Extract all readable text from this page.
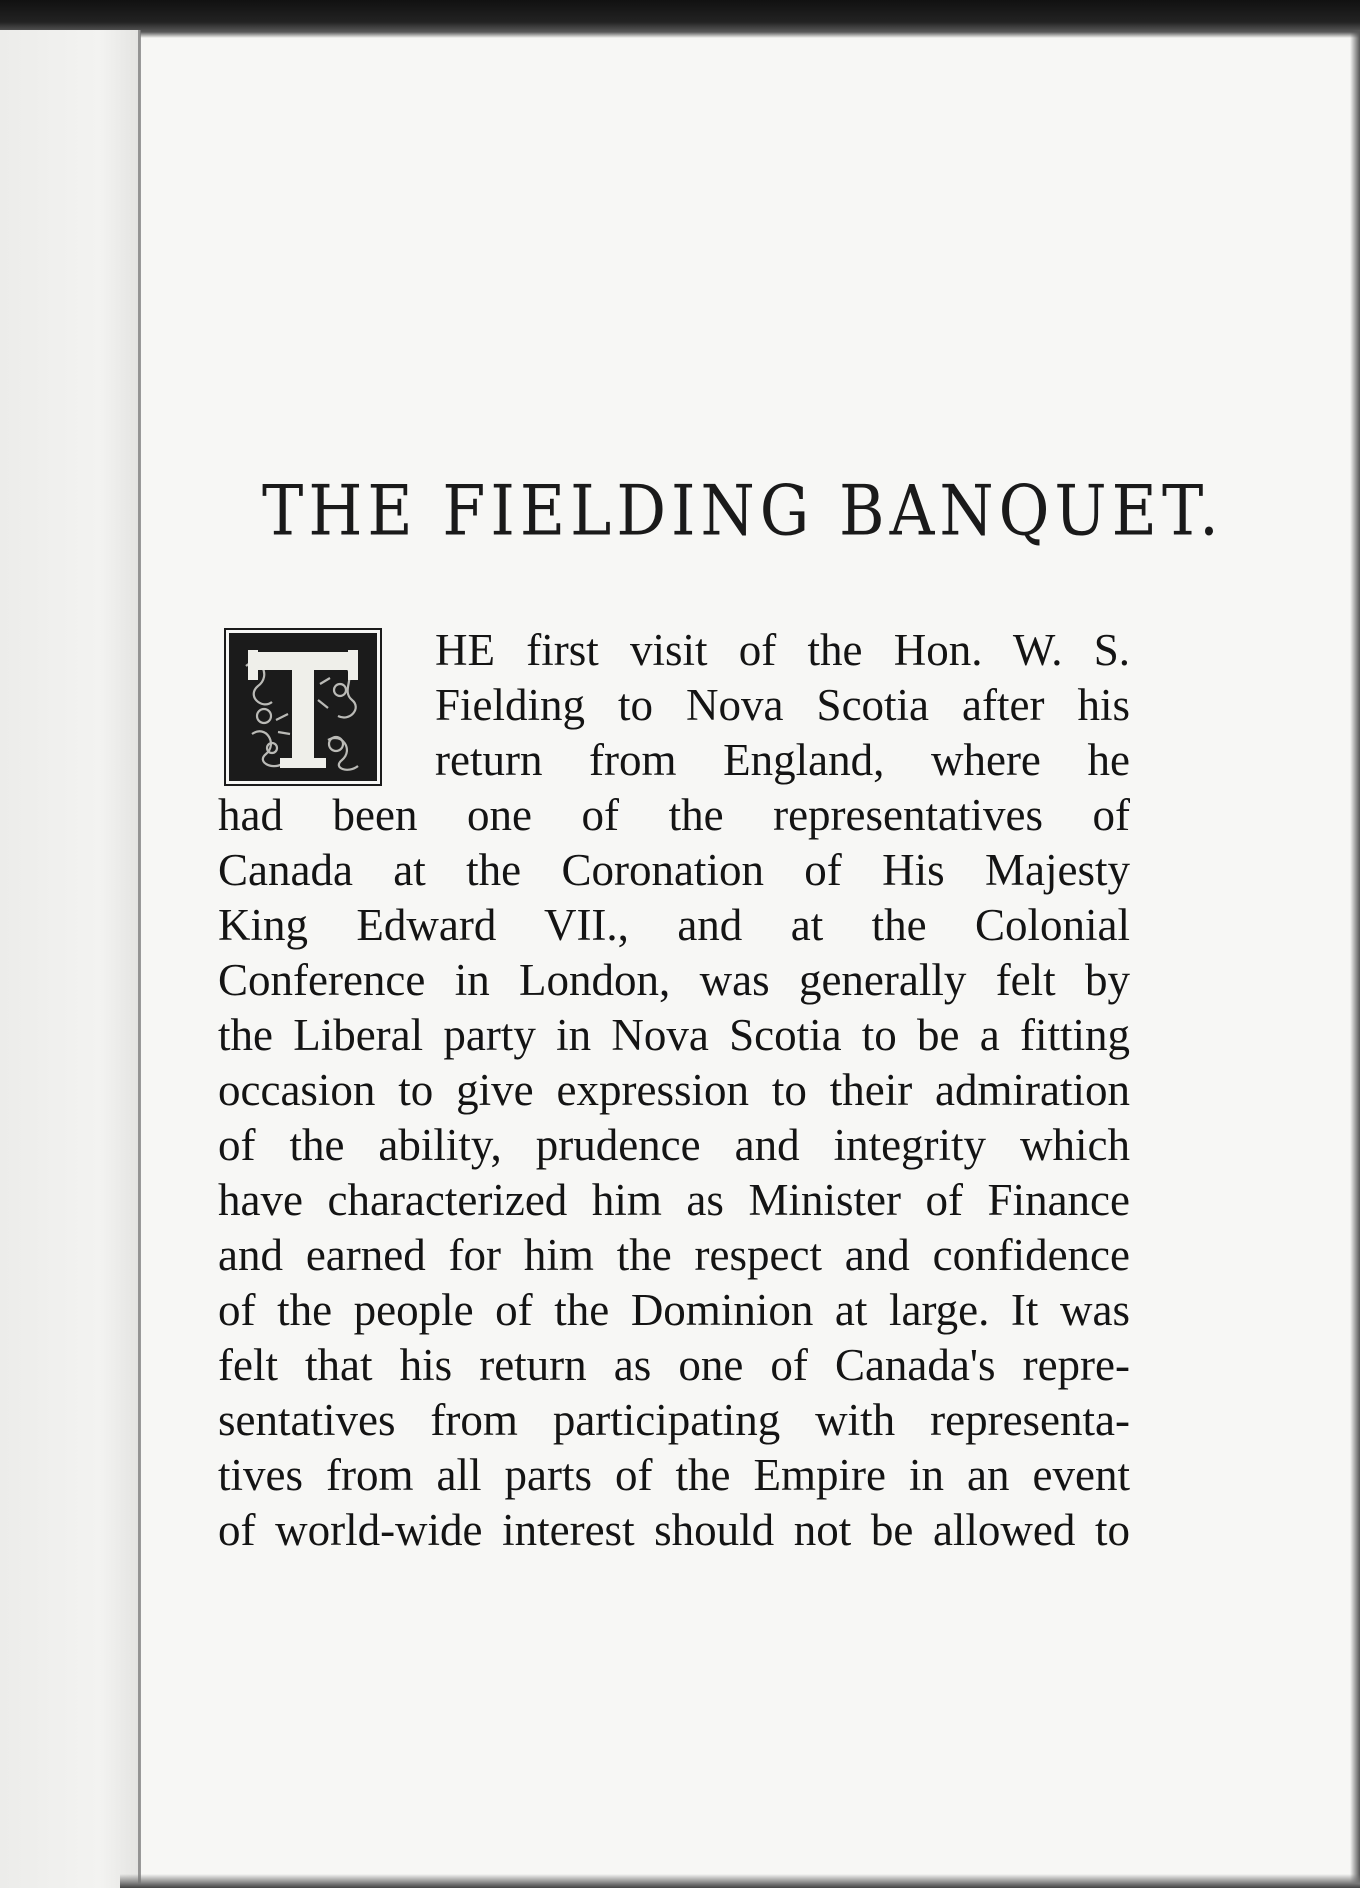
THE FIELDING BANQUET.
HE first visit of the Hon. W. S.
Fielding to Nova Scotia after his
return from England, where he
had been one of the representatives of
Canada at the Coronation of His Majesty
King Edward VII., and at the Colonial
Conference in London, was generally felt by
the Liberal party in Nova Scotia to be a fitting
occasion to give expression to their admiration
of the ability, prudence and integrity which
have characterized him as Minister of Finance
and earned for him the respect and confidence
of the people of the Dominion at large. It was
felt that his return as one of Canada's repre-
sentatives from participating with representa-
tives from all parts of the Empire in an event
of world-wide interest should not be allowed to
